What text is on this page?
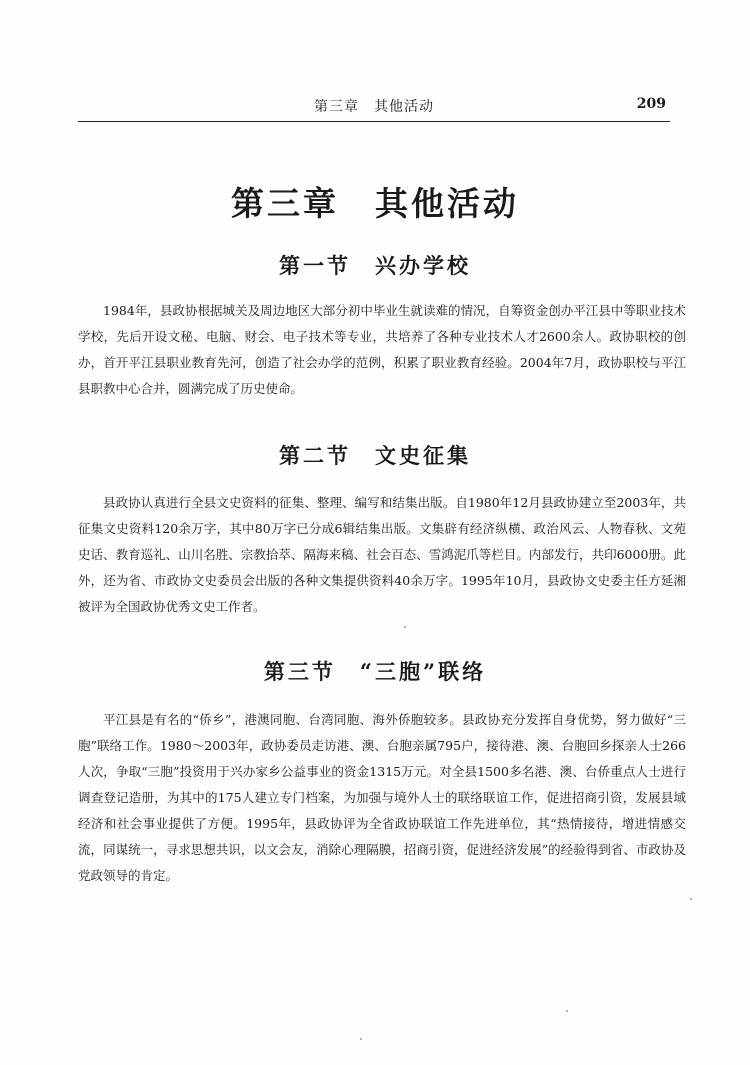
第三章　其他活动	209
第三章　其他活动
第一节　兴办学校

1984年，县政协根据城关及周边地区大部分初中毕业生就读难的情况，自筹资金创办平江县中等职业技术学校，先后开设文秘、电脑、财会、电子技术等专业，共培养了各种专业技术人才2600余人。政协职校的创办，首开平江县职业教育先河，创造了社会办学的范例，积累了职业教育经验。2004年7月，政协职校与平江县职教中心合并，圆满完成了历史使命。

第二节　文史征集

县政协认真进行全县文史资料的征集、整理、编写和结集出版。自1980年12月县政协建立至2003年，共征集文史资料120余万字，其中80万字已分成6辑结集出版。文集辟有经济纵横、政治风云、人物春秋、文苑史话、教育巡礼、山川名胜、宗教拾萃、隔海来稿、社会百态、雪鸿泥爪等栏目。内部发行，共印6000册。此外，还为省、市政协文史委员会出版的各种文集提供资料40余万字。1995年10月，县政协文史委主任方延湘被评为全国政协优秀文史工作者。

第三节　“三胞”联络

平江县是有名的“侨乡”，港澳同胞、台湾同胞、海外侨胞较多。县政协充分发挥自身优势，努力做好“三胞”联络工作。1980～2003年，政协委员走访港、澳、台胞亲属795户，接待港、澳、台胞回乡探亲人士266人次，争取“三胞”投资用于兴办家乡公益事业的资金1315万元。对全县1500多名港、澳、台侨重点人士进行调查登记造册，为其中的175人建立专门档案，为加强与境外人士的联络联谊工作，促进招商引资，发展县域经济和社会事业提供了方便。1995年，县政协评为全省政协联谊工作先进单位，其“热情接待，增进情感交流，同谋统一，寻求思想共识，以文会友，消除心理隔膜，招商引资，促进经济发展”的经验得到省、市政协及党政领导的肯定。
